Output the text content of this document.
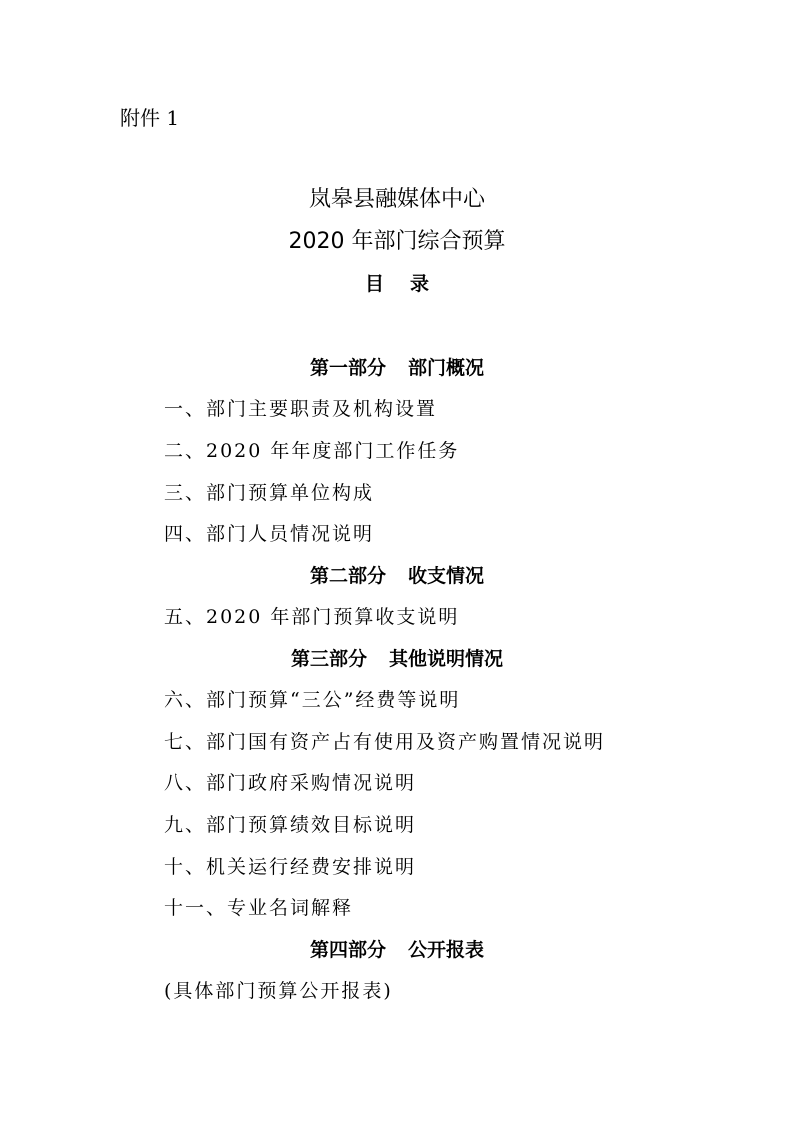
附件 1
岚皋县融媒体中心
2020 年部门综合预算
目录
第一部分 部门概况
一、部门主要职责及机构设置
二、2020 年年度部门工作任务
三、部门预算单位构成
四、部门人员情况说明
第二部分 收支情况
五、2020 年部门预算收支说明
第三部分 其他说明情况
六、部门预算“三公”经费等说明
七、部门国有资产占有使用及资产购置情况说明
八、部门政府采购情况说明
九、部门预算绩效目标说明
十、机关运行经费安排说明
十一、专业名词解释
第四部分 公开报表
(具体部门预算公开报表)
